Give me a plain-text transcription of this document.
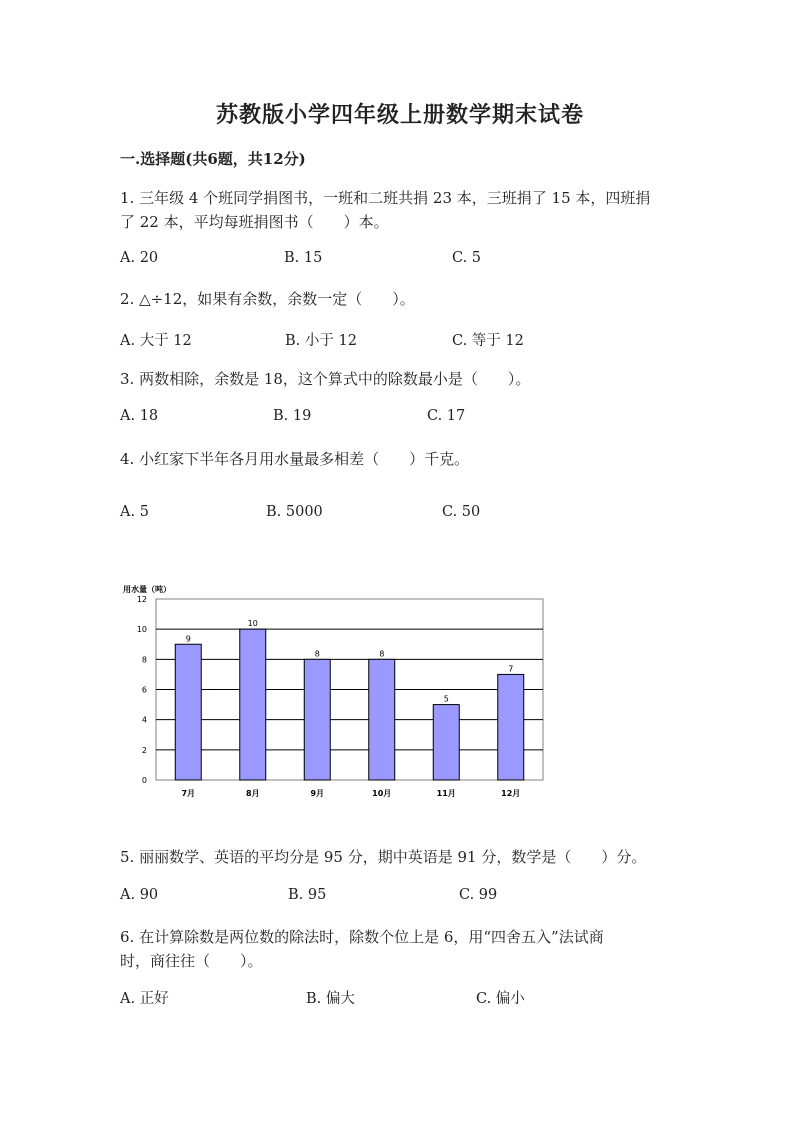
苏教版小学四年级上册数学期末试卷
一.选择题(共6题，共12分)
1. 三年级 4 个班同学捐图书，一班和二班共捐 23 本，三班捐了 15 本，四班捐
了 22 本，平均每班捐图书（　　）本。
A. 20	B. 15	C. 5
2. △÷12，如果有余数，余数一定（　　）。
A. 大于 12	B. 小于 12	C. 等于 12
3. 两数相除，余数是 18，这个算式中的除数最小是（　　）。
A. 18	B. 19	C. 17
4. 小红家下半年各月用水量最多相差（　　）千克。
A. 5	B. 5000	C. 50
用水量（吨）
0
2
4
6
8
10
12
9
7月
10
8月
8
9月
8
10月
5
11月
7
12月
5. 丽丽数学、英语的平均分是 95 分，期中英语是 91 分，数学是（　　）分。
A. 90	B. 95	C. 99
6. 在计算除数是两位数的除法时，除数个位上是 6，用“四舍五入”法试商
时，商往往（　　）。
A. 正好	B. 偏大	C. 偏小
